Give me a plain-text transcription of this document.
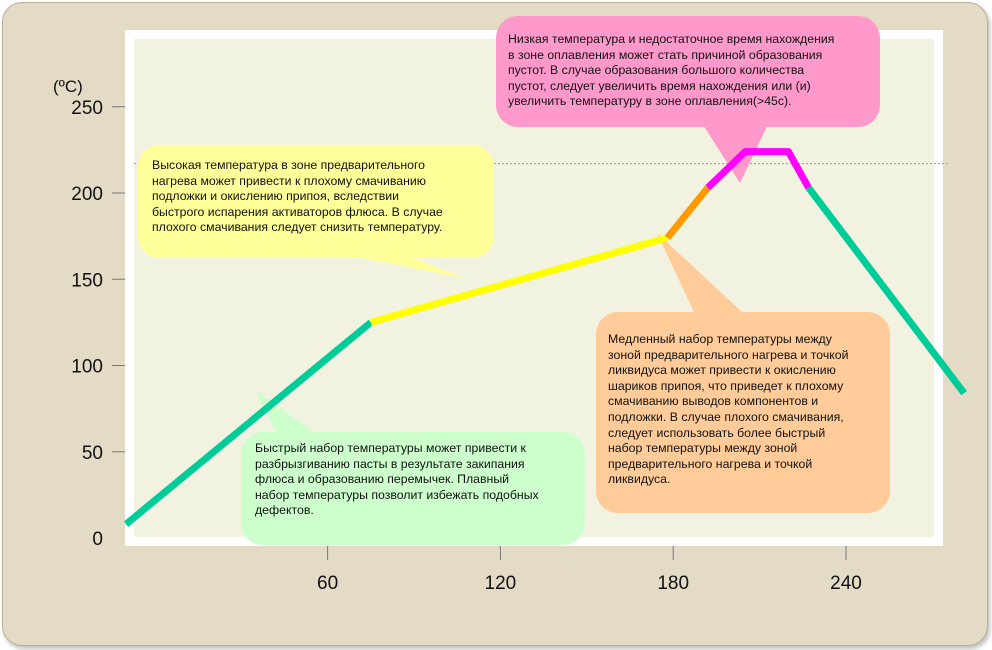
0
50
100
150
200
250
60	120	180	240
(ºC)
Высокая температура в зоне предварительного
нагрева может привести к плохому смачиванию
подложки и окислению припоя, вследствии
быстрого испарения активаторов флюса. В случае
плохого смачивания следует снизить температуру.
Быстрый набор температуры может привести к
разбрызгиванию пасты в результате закипания
флюса и образованию перемычек. Плавный
набор температуры позволит избежать подобных
дефектов.
Низкая температура и недостаточное время нахождения
в зоне оплавления может стать причиной образования
пустот. В случае образования большого количества
пустот, следует увеличить время нахождения или (и)
увеличить температуру в зоне оплавления(>45с).
Медленный набор температуры между
зоной предварительного нагрева и точкой
ликвидуса может привести к окислению
шариков припоя, что приведет к плохому
смачиванию выводов компонентов и
подложки. В случае плохого смачивания,
следует использовать более быстрый
набор температуры между зоной
предварительного нагрева и точкой
ликвидуса.
